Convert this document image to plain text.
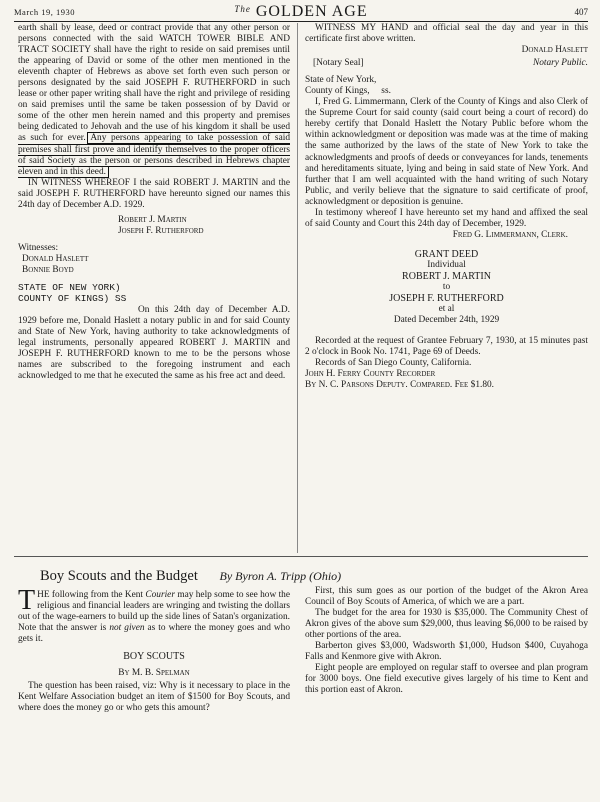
March 19, 1930	$^{The}$ GOLDEN AGE	407

earth shall by lease, deed or contract provide that any other person or persons connected with the said WATCH TOWER BIBLE AND TRACT SOCIETY shall have the right to reside on said premises until the appearing of David or some of the other men mentioned in the eleventh chapter of Hebrews as above set forth even such person or persons designated by the said JOSEPH F. RUTHERFORD in such lease or other paper writing shall have the right and privilege of residing on said premises until the same be taken possession of by David or some of the other men herein named and this property and premises being dedicated to Jehovah and the use of his kingdom it shall be used as such for ever. Any persons appearing to take possession of said premises shall first prove and identify themselves to the proper officers of said Society as the person or persons described in Hebrews chapter eleven and in this deed.

IN WITNESS WHEREOF I the said ROBERT J. MARTIN and the said JOSEPH F. RUTHERFORD have hereunto signed our names this 24th day of December A.D. 1929.

Robert J. Martin
Joseph F. Rutherford
Witnesses:
Donald Haslett
Bonnie Boyd
STATE OF NEW YORK)
COUNTY OF KINGS) SS

On this 24th day of December A.D. 1929 before me, Donald Haslett a notary public in and for said County and State of New York, having authority to take acknowledgments of legal instruments, personally appeared ROBERT J. MARTIN and JOSEPH F. RUTHERFORD known to me to be the persons whose names are subscribed to the foregoing instrument and each acknowledged to me that he executed the same as his free act and deed.

WITNESS MY HAND and official seal the day and year in this certificate first above written.

Donald Haslett
[Notary Seal]	Notary Public.
State of New York,
County of Kings,     ss.

I, Fred G. Limmermann, Clerk of the County of Kings and also Clerk of the Supreme Court for said county (said court being a court of record) do hereby certify that Donald Haslett the Notary Public before whom the within acknowledgment or deposition was made was at the time of making the same authorized by the laws of the state of New York to take the acknowledgments and proofs of deeds or conveyances for lands, tenements and hereditaments situate, lying and being in said state of New York. And further that I am well acquainted with the hand writing of such Notary Public, and verily believe that the signature to said certificate of proof, acknowledgment or deposition is genuine.

In testimony whereof I have hereunto set my hand and affixed the seal of said County and Court this 24th day of December, 1929.

Fred G. Limmermann, Clerk.
GRANT DEED
Individual
ROBERT J. MARTIN
to
JOSEPH F. RUTHERFORD
et al
Dated December 24th, 1929

Recorded at the request of Grantee February 7, 1930, at 15 minutes past 2 o'clock in Book No. 1741, Page 69 of Deeds.

Records of San Diego County, California.

John H. Ferry County Recorder
By N. C. Parsons Deputy. Compared. Fee $1.80.
Boy Scouts and the Budget By Byron A. Tripp (Ohio)

THE following from the Kent Courier may help some to see how the religious and financial leaders are wringing and twisting the dollars out of the wage-earners to build up the side lines of Satan's organization. Note that the answer is not given as to where the money goes and who gets it.

BOY SCOUTS
By M. B. Spelman

The question has been raised, viz: Why is it necessary to place in the Kent Welfare Association budget an item of $1500 for Boy Scouts, and where does the money go or who gets this amount?

First, this sum goes as our portion of the budget of the Akron Area Council of Boy Scouts of America, of which we are a part.

The budget for the area for 1930 is $35,000. The Community Chest of Akron gives of the above sum $29,000, thus leaving $6,000 to be raised by other portions of the area.

Barberton gives $3,000, Wadsworth $1,000, Hudson $400, Cuyahoga Falls and Kenmore give with Akron.

Eight people are employed on regular staff to oversee and plan program for 3000 boys. One field executive gives largely of his time to Kent and this portion east of Akron.
